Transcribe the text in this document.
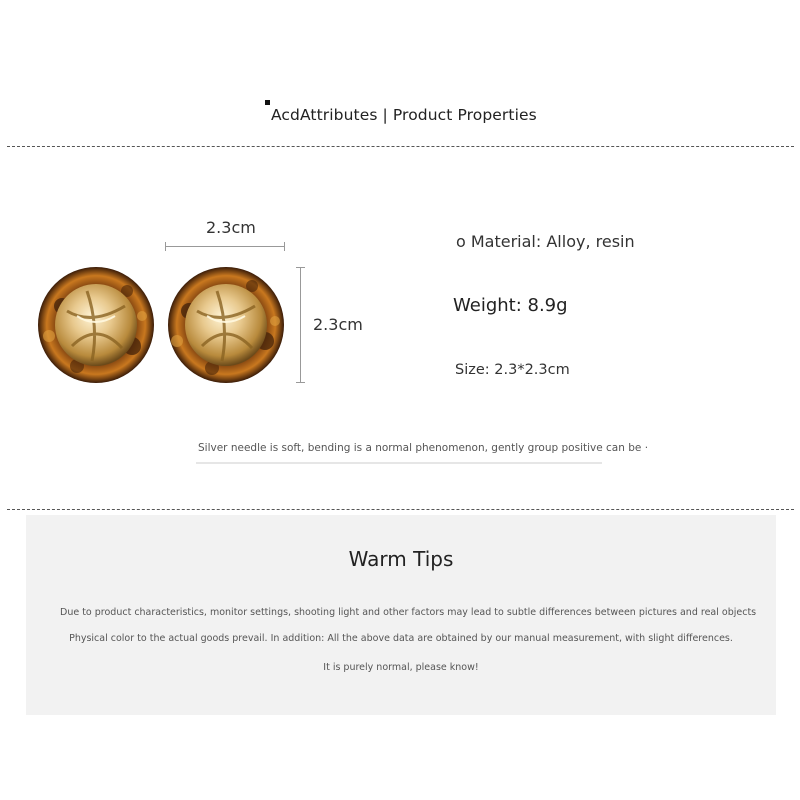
AcdAttributes | Product Properties
2.3cm
2.3cm
o Material: Alloy, resin
Weight: 8.9g
Size: 2.3*2.3cm
Silver needle is soft, bending is a normal phenomenon, gently group positive can be ·
Warm Tips
Due to product characteristics, monitor settings, shooting light and other factors may lead to subtle differences between pictures and real objects
Physical color to the actual goods prevail. In addition: All the above data are obtained by our manual measurement, with slight differences.
It is purely normal, please know!
